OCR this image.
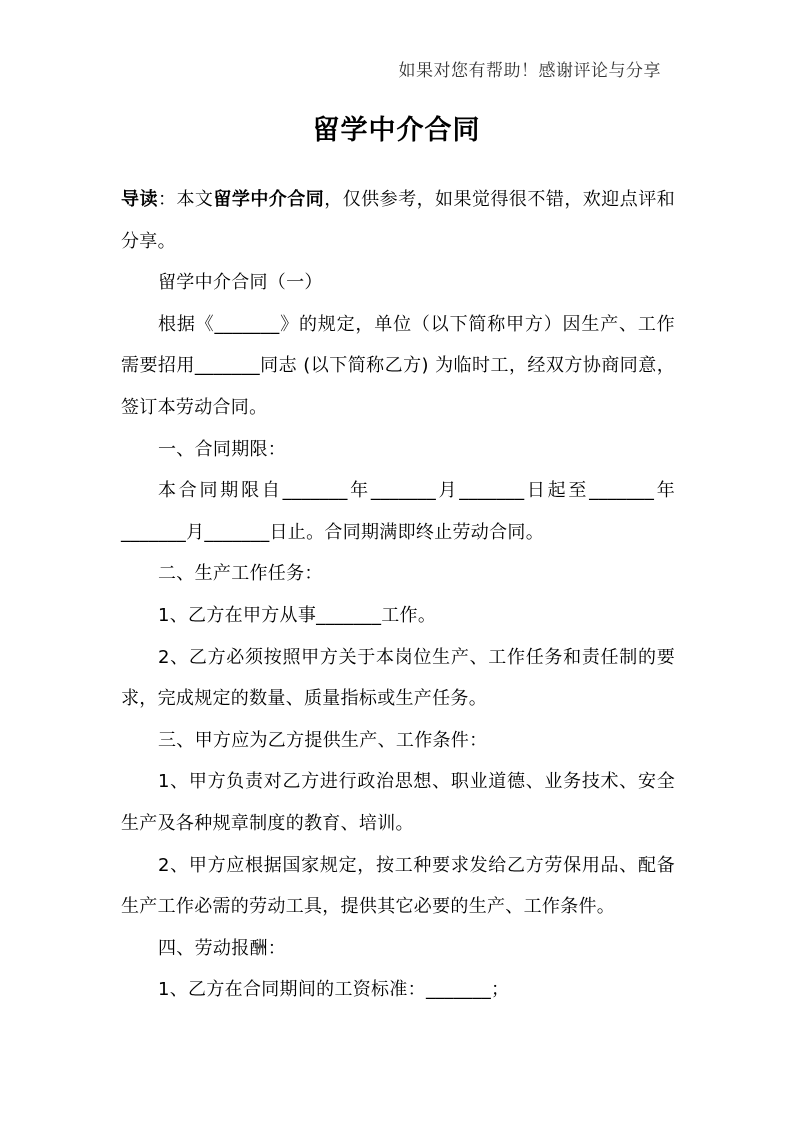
如果对您有帮助！感谢评论与分享
留学中介合同

导读：本文留学中介合同，仅供参考，如果觉得很不错，欢迎点评和分享。

留学中介合同（一）

根据《_______》的规定，单位（以下简称甲方）因生产、工作需要招用_______同志 (以下简称乙方) 为临时工，经双方协商同意，签订本劳动合同。

一、合同期限：

本合同期限自_______年_______月_______日起至_______年_______月_______日止。合同期满即终止劳动合同。

二、生产工作任务：

1、乙方在甲方从事_______工作。

2、乙方必须按照甲方关于本岗位生产、工作任务和责任制的要求，完成规定的数量、质量指标或生产任务。

三、甲方应为乙方提供生产、工作条件：

1、甲方负责对乙方进行政治思想、职业道德、业务技术、安全生产及各种规章制度的教育、培训。

2、甲方应根据国家规定，按工种要求发给乙方劳保用品、配备生产工作必需的劳动工具，提供其它必要的生产、工作条件。

四、劳动报酬：

1、乙方在合同期间的工资标准：_______；
